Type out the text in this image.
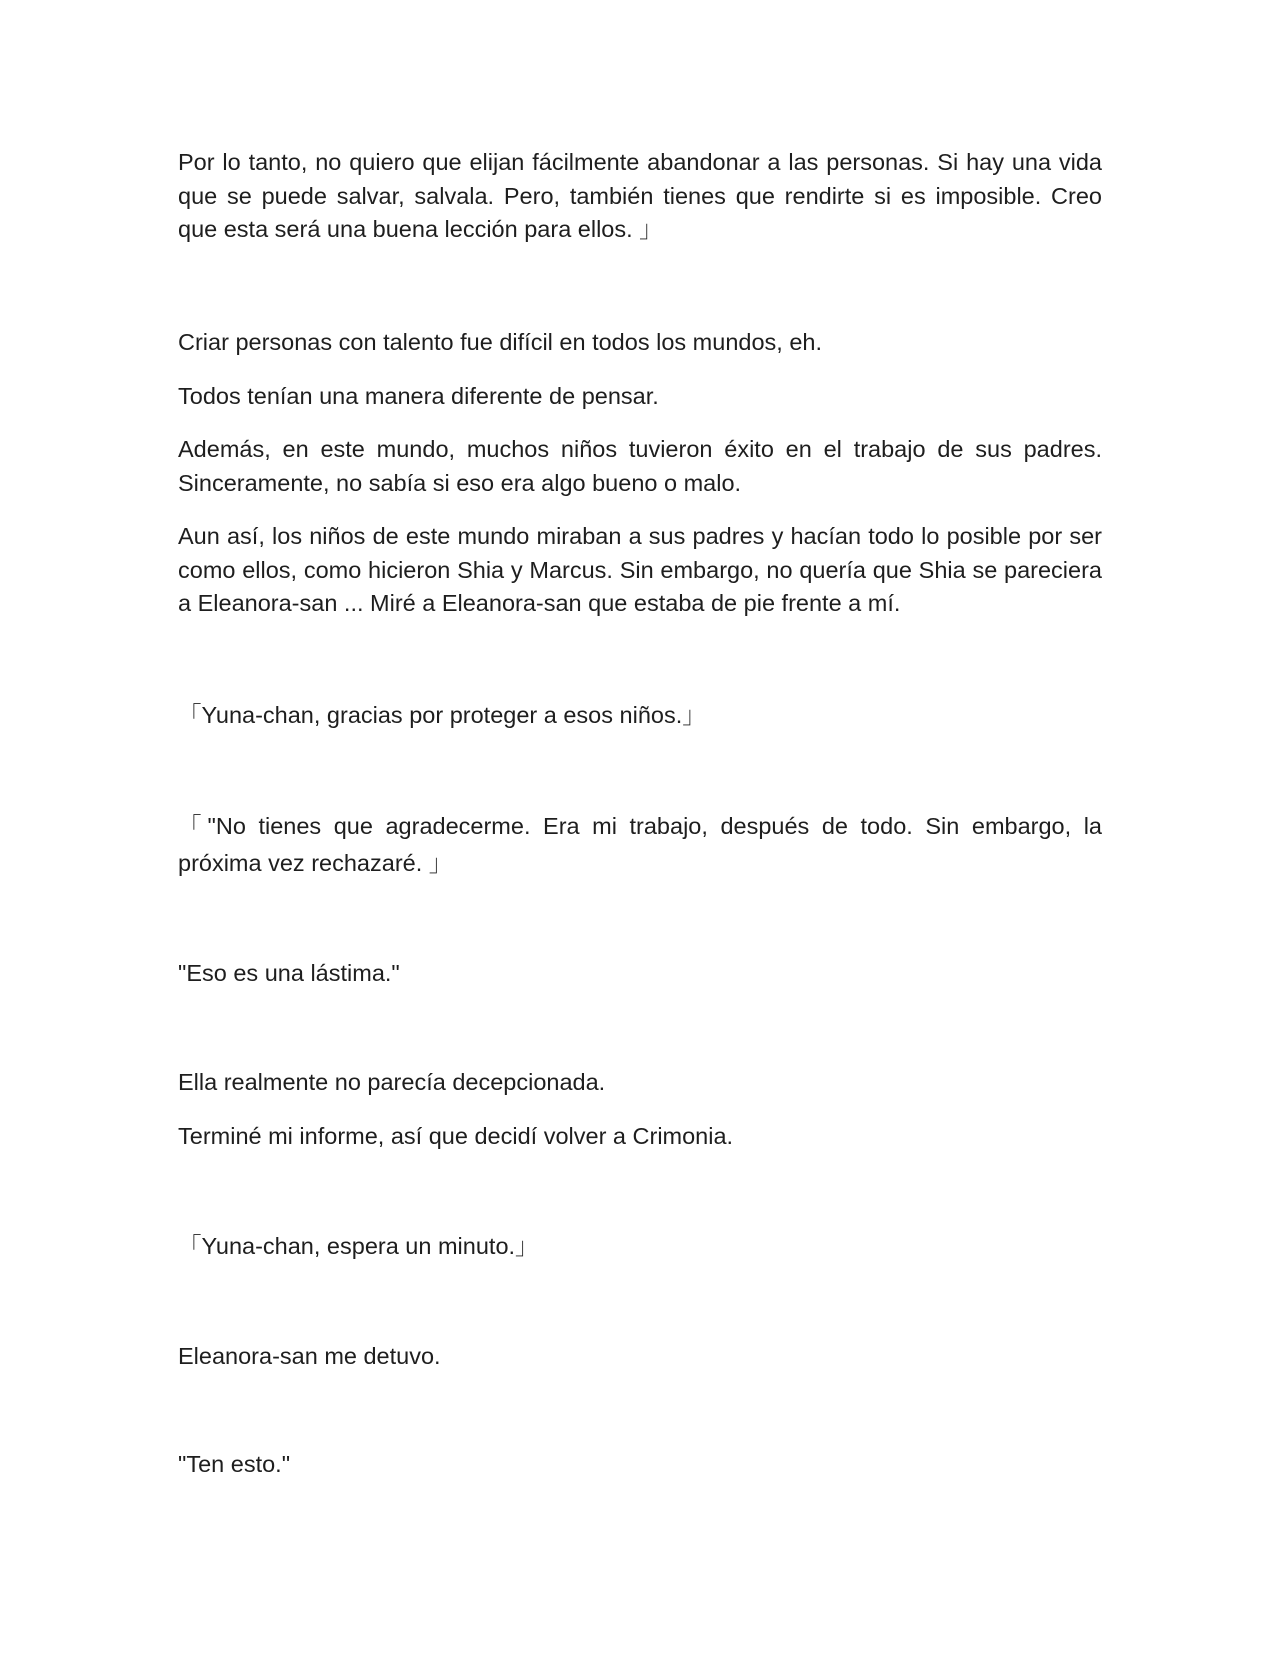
Por lo tanto, no quiero que elijan fácilmente abandonar a las personas. Si hay una vida que se puede salvar, salvala. Pero, también tienes que rendirte si es imposible. Creo que esta será una buena lección para ellos. 」

Criar personas con talento fue difícil en todos los mundos, eh.

Todos tenían una manera diferente de pensar.

Además, en este mundo, muchos niños tuvieron éxito en el trabajo de sus padres. Sinceramente, no sabía si eso era algo bueno o malo.

Aun así, los niños de este mundo miraban a sus padres y hacían todo lo posible por ser como ellos, como hicieron Shia y Marcus. Sin embargo, no quería que Shia se pareciera a Eleanora-san ... Miré a Eleanora-san que estaba de pie frente a mí.

「Yuna-chan, gracias por proteger a esos niños.」

「"No tienes que agradecerme. Era mi trabajo, después de todo. Sin embargo, la próxima vez rechazaré. 」

"Eso es una lástima."

Ella realmente no parecía decepcionada.

Terminé mi informe, así que decidí volver a Crimonia.

「Yuna-chan, espera un minuto.」

Eleanora-san me detuvo.

"Ten esto."
